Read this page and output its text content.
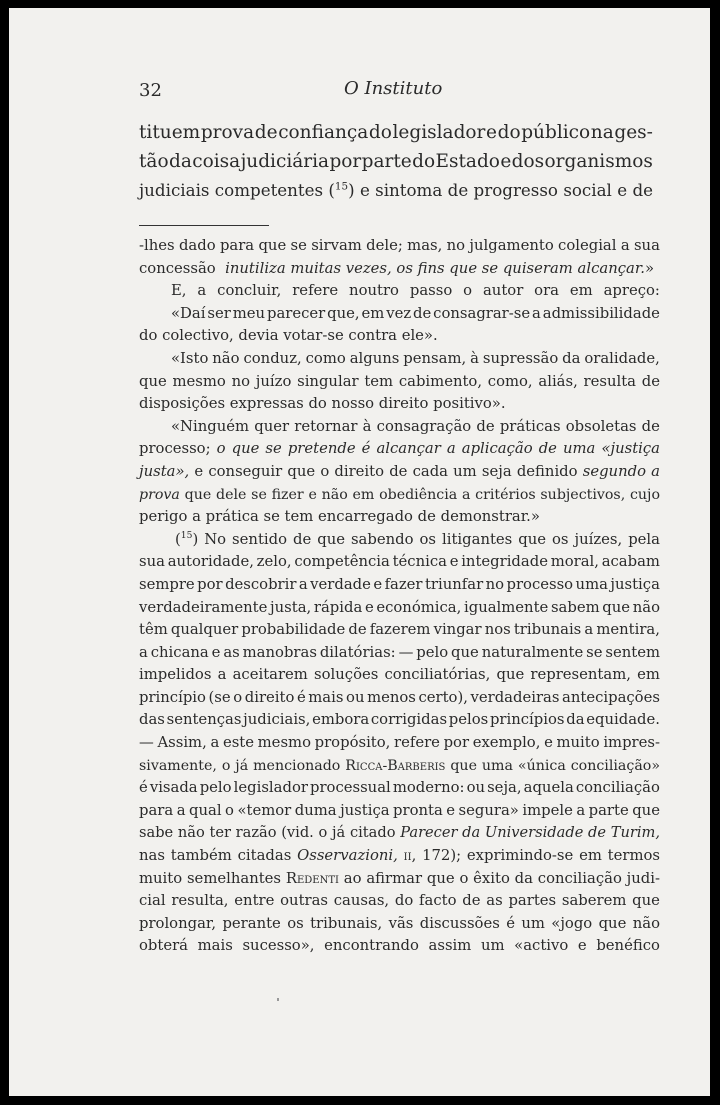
32	O Instituto
tituem prova de confiança do legislador e do público na ges-
tão da coisa judiciária por parte do Estado e dos organismos
judiciais competentes ($^{15}$) e sintoma de progresso social e de
-lhes dado para que se sirvam dele; mas, no julgamento colegial a sua
concessão inutiliza muitas vezes, os fins que se quiseram alcançar.»
E, a concluir, refere noutro passo o autor ora em apreço:
«Daí ser meu parecer que, em vez de consagrar-se a admissibilidade
do colectivo, devia votar-se contra ele».
«Isto não conduz, como alguns pensam, à supressão da oralidade,
que mesmo no juízo singular tem cabimento, como, aliás, resulta de
disposições expressas do nosso direito positivo».
«Ninguém quer retornar à consagração de práticas obsoletas de
processo; o que se pretende é alcançar a aplicação de uma «justiça
justa», e conseguir que o direito de cada um seja definido segundo a
prova que dele se fizer e não em obediência a critérios subjectivos, cujo
perigo a prática se tem encarregado de demonstrar.»
($^{15}$) No sentido de que sabendo os litigantes que os juízes, pela
sua autoridade, zelo, competência técnica e integridade moral, acabam
sempre por descobrir a verdade e fazer triunfar no processo uma justiça
verdadeiramente justa, rápida e económica, igualmente sabem que não
têm qualquer probabilidade de fazerem vingar nos tribunais a mentira,
a chicana e as manobras dilatórias: — pelo que naturalmente se sentem
impelidos a aceitarem soluções conciliatórias, que representam, em
princípio (se o direito é mais ou menos certo), verdadeiras antecipações
das sentenças judiciais, embora corrigidas pelos princípios da equidade.
— Assim, a este mesmo propósito, refere por exemplo, e muito impres-
sivamente, o já mencionado Ricca-Barberis que uma «única conciliação»
é visada pelo legislador processual moderno: ou seja, aquela conciliação
para a qual o «temor duma justiça pronta e segura» impele a parte que
sabe não ter razão (vid. o já citado Parecer da Universidade de Turim,
nas também citadas Osservazioni, ii, 172); exprimindo-se em termos
muito semelhantes Redenti ao afirmar que o êxito da conciliação judi-
cial resulta, entre outras causas, do facto de as partes saberem que
prolongar, perante os tribunais, vãs discussões é um «jogo que não
obterá mais sucesso», encontrando assim um «activo e benéfico
